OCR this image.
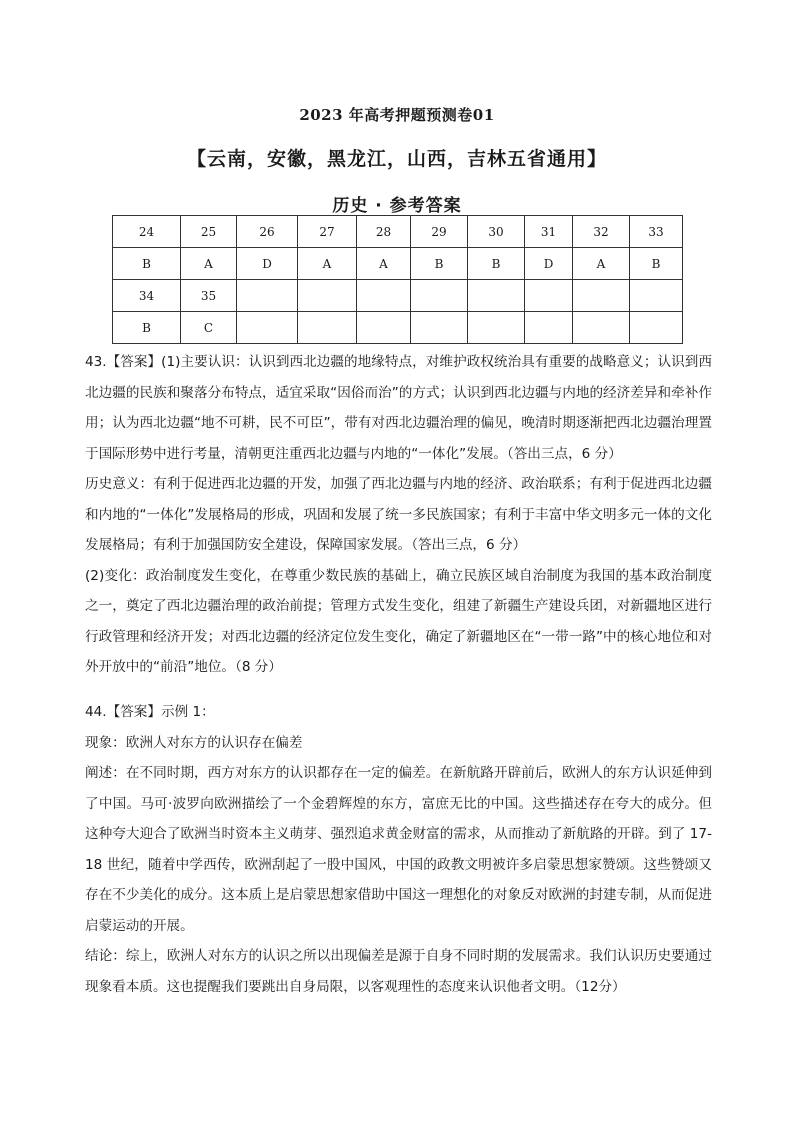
2023 年高考押题预测卷01
【云南，安徽，黑龙江，山西，吉林五省通用】
历史 · 参考答案
24	25	26	27	28	29	30	31	32	33
B	A	D	A	A	B	B	D	A	B
34	35								
B	C								

43.【答案】(1)主要认识：认识到西北边疆的地缘特点，对维护政权统治具有重要的战略意义；认识到西北边疆的民族和聚落分布特点，适宜采取“因俗而治”的方式；认识到西北边疆与内地的经济差异和牵补作用；认为西北边疆“地不可耕，民不可臣”，带有对西北边疆治理的偏见，晚清时期逐渐把西北边疆治理置于国际形势中进行考量，清朝更注重西北边疆与内地的“一体化”发展。（答出三点，6 分）

历史意义：有利于促进西北边疆的开发，加强了西北边疆与内地的经济、政治联系；有利于促进西北边疆和内地的“一体化”发展格局的形成，巩固和发展了统一多民族国家；有利于丰富中华文明多元一体的文化发展格局；有利于加强国防安全建设，保障国家发展。（答出三点，6 分）

(2)变化：政治制度发生变化，在尊重少数民族的基础上，确立民族区域自治制度为我国的基本政治制度之一，奠定了西北边疆治理的政治前提；管理方式发生变化，组建了新疆生产建设兵团，对新疆地区进行行政管理和经济开发；对西北边疆的经济定位发生变化，确定了新疆地区在“一带一路”中的核心地位和对外开放中的“前沿”地位。（8 分）

44.【答案】示例 1：

现象：欧洲人对东方的认识存在偏差

阐述：在不同时期，西方对东方的认识都存在一定的偏差。在新航路开辟前后，欧洲人的东方认识延伸到了中国。马可·波罗向欧洲描绘了一个金碧辉煌的东方，富庶无比的中国。这些描述存在夸大的成分。但这种夸大迎合了欧洲当时资本主义萌芽、强烈追求黄金财富的需求，从而推动了新航路的开辟。到了 17-18 世纪，随着中学西传，欧洲刮起了一股中国风，中国的政教文明被许多启蒙思想家赞颂。这些赞颂又存在不少美化的成分。这本质上是启蒙思想家借助中国这一理想化的对象反对欧洲的封建专制，从而促进启蒙运动的开展。

结论：综上，欧洲人对东方的认识之所以出现偏差是源于自身不同时期的发展需求。我们认识历史要通过现象看本质。这也提醒我们要跳出自身局限，以客观理性的态度来认识他者文明。（12分）
